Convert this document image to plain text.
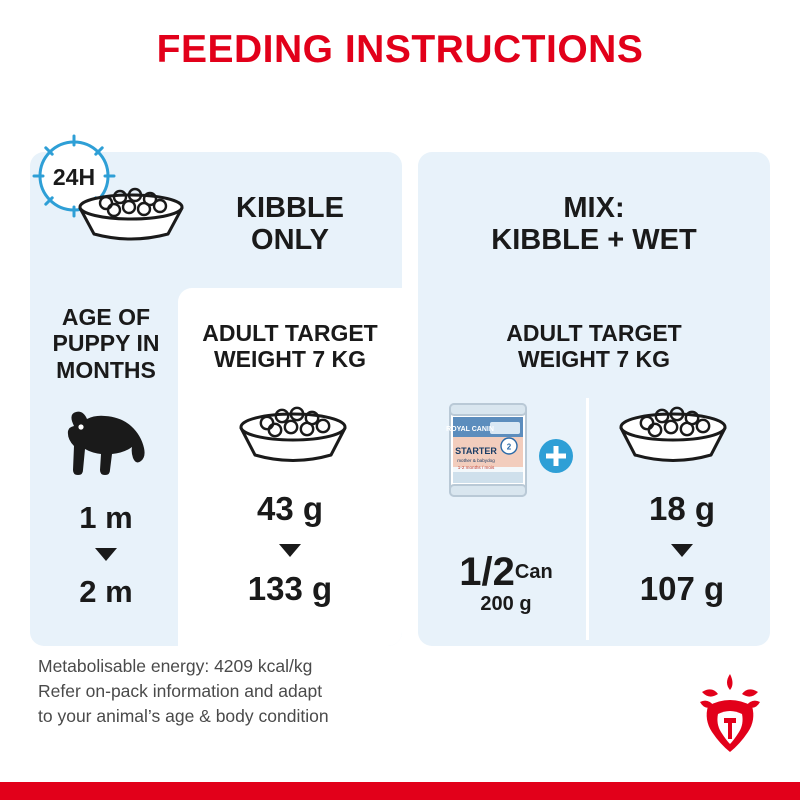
FEEDING INSTRUCTIONS
24H
KIBBLE
ONLY
AGE OF
PUPPY IN
MONTHS
ADULT TARGET
WEIGHT 7 KG
1 m
2 m
43 g
133 g
MIX:
KIBBLE + WET
ADULT TARGET
WEIGHT 7 KG
ROYAL CANIN
STARTER
mother & babydog
1-2 months / mois
2
1/2Can
200 g
18 g
107 g
Metabolisable energy: 4209 kcal/kg
Refer on-pack information and adapt
to your animal’s age & body condition
